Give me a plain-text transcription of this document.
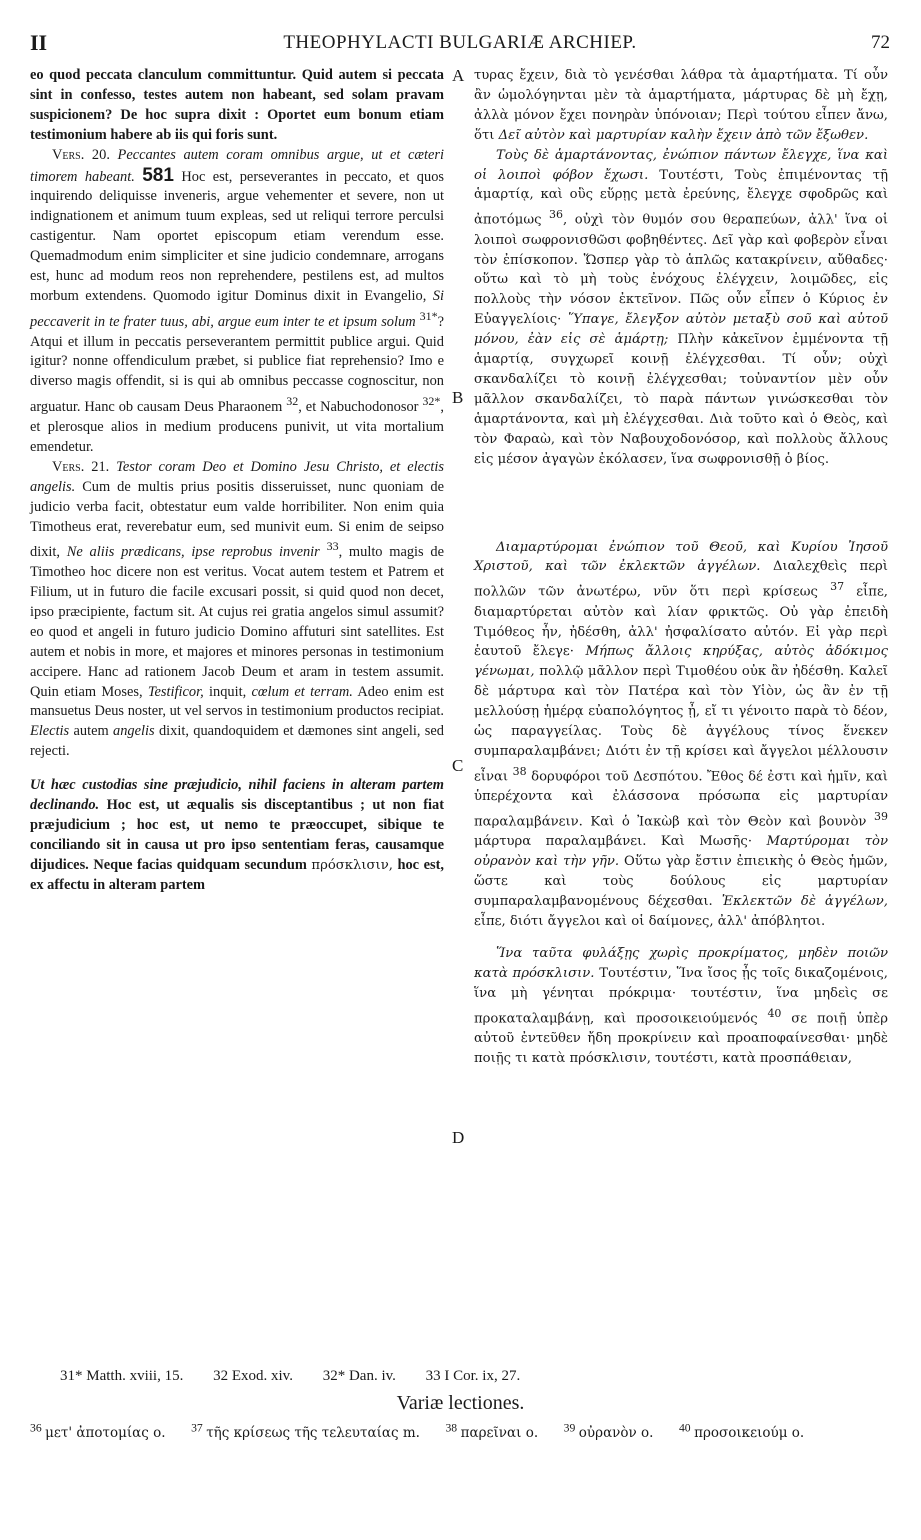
II	THEOPHYLACTI BULGARIÆ ARCHIEP.	72

eo quod peccata clanculum committuntur. Quid autem si peccata sint in confesso, testes autem non habeant, sed solam pravam suspicionem? De hoc supra dixit : Oportet eum bonum etiam testimonium habere ab iis qui foris sunt.

Vers. 20. Peccantes autem coram omnibus argue, ut et cæteri timorem habeant. 581 Hoc est, perseverantes in peccato, et quos inquirendo deliquisse inveneris, argue vehementer et severe, non ut indignationem et animum tuum expleas, sed ut reliqui terrore perculsi castigentur. Nam oportet episcopum etiam verendum esse. Quemadmodum enim simpliciter et sine judicio condemnare, arrogans est, hunc ad modum reos non reprehendere, pestilens est, ad multos morbum extendens. Quomodo igitur Dominus dixit in Evangelio, Si peccaverit in te frater tuus, abi, argue eum inter te et ipsum solum $^{31*}$? Atqui et illum in peccatis perseverantem permittit publice argui. Quid igitur? nonne offendiculum præbet, si publice fiat reprehensio? Imo e diverso magis offendit, si is qui ab omnibus peccasse cognoscitur, non arguatur. Hanc ob causam Deus Pharaonem $^{32}$, et Nabuchodonosor $^{32*}$, et plerosque alios in medium producens punivit, ut vita mortalium emendetur.

Vers. 21. Testor coram Deo et Domino Jesu Christo, et electis angelis. Cum de multis prius positis disseruisset, nunc quoniam de judicio verba facit, obtestatur eum valde horribiliter. Non enim quia Timotheus erat, reverebatur eum, sed munivit eum. Si enim de seipso dixit, Ne aliis prædicans, ipse reprobus invenir $^{33}$, multo magis de Timotheo hoc dicere non est veritus. Vocat autem testem et Patrem et Filium, ut in futuro die facile excusari possit, si quid quod non decet, ipso præcipiente, factum sit. At cujus rei gratia angelos simul assumit? eo quod et angeli in futuro judicio Domino affuturi sint satellites. Est autem et nobis in more, et majores et minores personas in testimonium accipere. Hanc ad rationem Jacob Deum et aram in testem assumit. Quin etiam Moses, Testificor, inquit, cœlum et terram. Adeo enim est mansuetus Deus noster, ut vel servos in testimonium productos recipiat. Electis autem angelis dixit, quandoquidem et dæmones sint angeli, sed rejecti.

Ut hæc custodias sine præjudicio, nihil faciens in alteram partem declinando. Hoc est, ut æqualis sis disceptantibus ; ut non fiat præjudicium ; hoc est, ut nemo te præoccupet, sibique te conciliando sit in causa ut pro ipso sententiam feras, causamque dijudices. Neque facias quidquam secundum πρόσκλισιν, hoc est, ex affectu in alteram partem

A
B
C
D

τυρας ἔχειν, διὰ τὸ γενέσθαι λάθρα τὰ ἁμαρτήματα. Τί οὖν ἂν ὡμολόγηνται μὲν τὰ ἁμαρτήματα, μάρτυρας δὲ μὴ ἔχῃ, ἀλλὰ μόνον ἔχει πονηρὰν ὑπόνοιαν; Περὶ τούτου εἶπεν ἄνω, ὅτι Δεῖ αὐτὸν καὶ μαρτυρίαν καλὴν ἔχειν ἀπὸ τῶν ἔξωθεν.

Τοὺς δὲ ἁμαρτάνοντας, ἐνώπιον πάντων ἔλεγχε, ἵνα καὶ οἱ λοιποὶ φόβον ἔχωσι. Τουτέστι, Τοὺς ἐπιμένοντας τῇ ἁμαρτίᾳ, καὶ οὓς εὕρῃς μετὰ ἐρεύνης, ἔλεγχε σφοδρῶς καὶ ἀποτόμως $^{36}$, οὐχὶ τὸν θυμόν σου θεραπεύων, ἀλλ' ἵνα οἱ λοιποὶ σωφρονισθῶσι φοβηθέντες. Δεῖ γὰρ καὶ φοβερὸν εἶναι τὸν ἐπίσκοπον. Ὥσπερ γὰρ τὸ ἁπλῶς κατακρίνειν, αὔθαδες· οὕτω καὶ τὸ μὴ τοὺς ἐνόχους ἐλέγχειν, λοιμῶδες, εἰς πολλοὺς τὴν νόσον ἐκτεῖνον. Πῶς οὖν εἶπεν ὁ Κύριος ἐν Εὐαγγελίοις· Ὕπαγε, ἔλεγξον αὐτὸν μεταξὺ σοῦ καὶ αὐτοῦ μόνου, ἐὰν εἰς σὲ ἁμάρτῃ; Πλὴν κἀκεῖνον ἐμμένοντα τῇ ἁμαρτίᾳ, συγχωρεῖ κοινῇ ἐλέγχεσθαι. Τί οὖν; οὐχὶ σκανδαλίζει τὸ κοινῇ ἐλέγχεσθαι; τοὐναντίον μὲν οὖν μᾶλλον σκανδαλίζει, τὸ παρὰ πάντων γινώσκεσθαι τὸν ἁμαρτάνοντα, καὶ μὴ ἐλέγχεσθαι. Διὰ τοῦτο καὶ ὁ Θεὸς, καὶ τὸν Φαραὼ, καὶ τὸν Ναβουχοδονόσορ, καὶ πολλοὺς ἄλλους εἰς μέσον ἀγαγὼν ἐκόλασεν, ἵνα σωφρονισθῇ ὁ βίος.

Διαμαρτύρομαι ἐνώπιον τοῦ Θεοῦ, καὶ Κυρίου Ἰησοῦ Χριστοῦ, καὶ τῶν ἐκλεκτῶν ἀγγέλων. Διαλεχθεὶς περὶ πολλῶν τῶν ἀνωτέρω, νῦν ὅτι περὶ κρίσεως $^{37}$ εἶπε, διαμαρτύρεται αὐτὸν καὶ λίαν φρικτῶς. Οὐ γὰρ ἐπειδὴ Τιμόθεος ἦν, ἠδέσθη, ἀλλ' ἠσφαλίσατο αὐτόν. Εἰ γὰρ περὶ ἑαυτοῦ ἔλεγε· Μήπως ἄλλοις κηρύξας, αὐτὸς ἀδόκιμος γένωμαι, πολλῷ μᾶλλον περὶ Τιμοθέου οὐκ ἂν ἠδέσθη. Καλεῖ δὲ μάρτυρα καὶ τὸν Πατέρα καὶ τὸν Υἱὸν, ὡς ἂν ἐν τῇ μελλούσῃ ἡμέρᾳ εὐαπολόγητος ᾖ, εἴ τι γένοιτο παρὰ τὸ δέον, ὡς παραγγείλας. Τοὺς δὲ ἀγγέλους τίνος ἕνεκεν συμπαραλαμβάνει; Διότι ἐν τῇ κρίσει καὶ ἄγγελοι μέλλουσιν εἶναι $^{38}$ δορυφόροι τοῦ Δεσπότου. Ἔθος δέ ἐστι καὶ ἡμῖν, καὶ ὑπερέχοντα καὶ ἐλάσσονα πρόσωπα εἰς μαρτυρίαν παραλαμβάνειν. Καὶ ὁ Ἰακὼβ καὶ τὸν Θεὸν καὶ βουνὸν $^{39}$ μάρτυρα παραλαμβάνει. Καὶ Μωσῆς· Μαρτύρομαι τὸν οὐρανὸν καὶ τὴν γῆν. Οὕτω γὰρ ἔστιν ἐπιεικὴς ὁ Θεὸς ἡμῶν, ὥστε καὶ τοὺς δούλους εἰς μαρτυρίαν συμπαραλαμβανομένους δέχεσθαι. Ἐκλεκτῶν δὲ ἀγγέλων, εἶπε, διότι ἄγγελοι καὶ οἱ δαίμονες, ἀλλ' ἀπόβλητοι.

Ἵνα ταῦτα φυλάξῃς χωρὶς προκρίματος, μηδὲν ποιῶν κατὰ πρόσκλισιν. Τουτέστιν, Ἵνα ἴσος ᾖς τοῖς δικαζομένοις, ἵνα μὴ γένηται πρόκριμα· τουτέστιν, ἵνα μηδεὶς σε προκαταλαμβάνῃ, καὶ προσοικειούμενός $^{40}$ σε ποιῇ ὑπὲρ αὐτοῦ ἐντεῦθεν ἤδη προκρίνειν καὶ προαποφαίνεσθαι· μηδὲ ποιῇς τι κατὰ πρόσκλισιν, τουτέστι, κατὰ προσπάθειαν,

31* Matth. xviii, 15. 32 Exod. xiv. 32* Dan. iv. 33 I Cor. ix, 27.
Variæ lectiones.
$^{36}$ μετ' ἀποτομίας ο. $^{37}$ τῆς κρίσεως τῆς τελευταίας m. $^{38}$ παρεῖναι ο. $^{39}$ οὐρανὸν ο. $^{40}$ προσοικειούμ ο.
